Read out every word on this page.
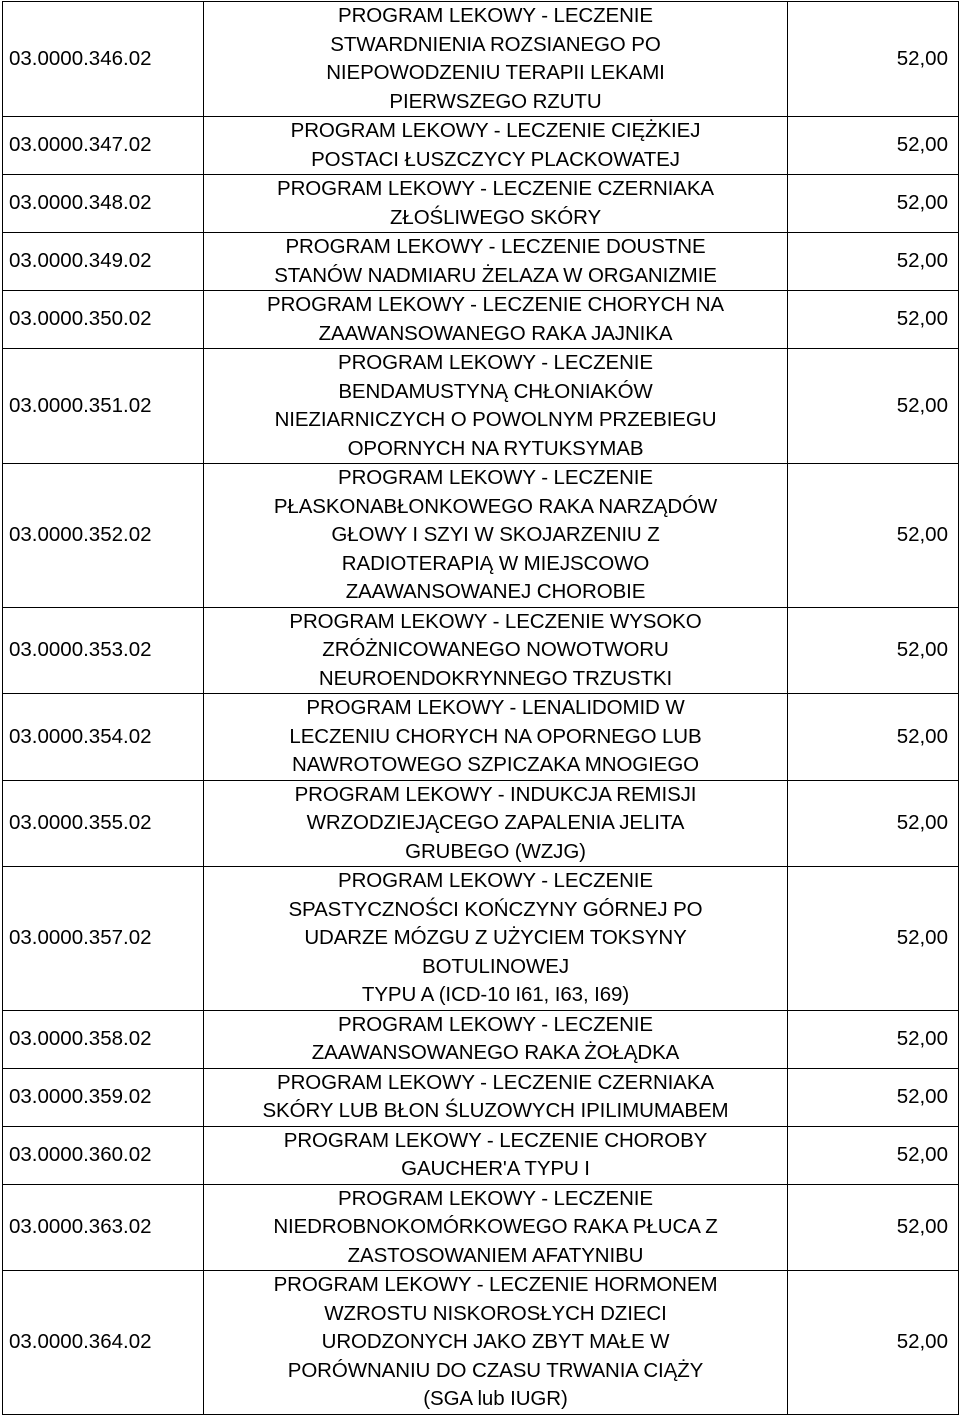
03.0000.346.02	PROGRAM LEKOWY - LECZENIE
STWARDNIENIA ROZSIANEGO PO
NIEPOWODZENIU TERAPII LEKAMI
PIERWSZEGO RZUTU	52,00
03.0000.347.02	PROGRAM LEKOWY - LECZENIE CIĘŻKIEJ
POSTACI ŁUSZCZYCY PLACKOWATEJ	52,00
03.0000.348.02	PROGRAM LEKOWY - LECZENIE CZERNIAKA
ZŁOŚLIWEGO SKÓRY	52,00
03.0000.349.02	PROGRAM LEKOWY - LECZENIE DOUSTNE
STANÓW NADMIARU ŻELAZA W ORGANIZMIE	52,00
03.0000.350.02	PROGRAM LEKOWY - LECZENIE CHORYCH NA
ZAAWANSOWANEGO RAKA JAJNIKA	52,00
03.0000.351.02	PROGRAM LEKOWY - LECZENIE
BENDAMUSTYNĄ CHŁONIAKÓW
NIEZIARNICZYCH O POWOLNYM PRZEBIEGU
OPORNYCH NA RYTUKSYMAB	52,00
03.0000.352.02	PROGRAM LEKOWY - LECZENIE
PŁASKONABŁONKOWEGO RAKA NARZĄDÓW
GŁOWY I SZYI W SKOJARZENIU Z
RADIOTERAPIĄ W MIEJSCOWO
ZAAWANSOWANEJ CHOROBIE	52,00
03.0000.353.02	PROGRAM LEKOWY - LECZENIE WYSOKO
ZRÓŻNICOWANEGO NOWOTWORU
NEUROENDOKRYNNEGO TRZUSTKI	52,00
03.0000.354.02	PROGRAM LEKOWY - LENALIDOMID W
LECZENIU CHORYCH NA OPORNEGO LUB
NAWROTOWEGO SZPICZAKA MNOGIEGO	52,00
03.0000.355.02	PROGRAM LEKOWY - INDUKCJA REMISJI
WRZODZIEJĄCEGO ZAPALENIA JELITA
GRUBEGO (WZJG)	52,00
03.0000.357.02	PROGRAM LEKOWY - LECZENIE
SPASTYCZNOŚCI KOŃCZYNY GÓRNEJ PO
UDARZE MÓZGU Z UŻYCIEM TOKSYNY
BOTULINOWEJ
TYPU A (ICD-10 I61, I63, I69)	52,00
03.0000.358.02	PROGRAM LEKOWY - LECZENIE
ZAAWANSOWANEGO RAKA ŻOŁĄDKA	52,00
03.0000.359.02	PROGRAM LEKOWY - LECZENIE CZERNIAKA
SKÓRY LUB BŁON ŚLUZOWYCH IPILIMUMABEM	52,00
03.0000.360.02	PROGRAM LEKOWY - LECZENIE CHOROBY
GAUCHER'A TYPU I	52,00
03.0000.363.02	PROGRAM LEKOWY - LECZENIE
NIEDROBNOKOMÓRKOWEGO RAKA PŁUCA Z
ZASTOSOWANIEM AFATYNIBU	52,00
03.0000.364.02	PROGRAM LEKOWY - LECZENIE HORMONEM
WZROSTU NISKOROSŁYCH DZIECI
URODZONYCH JAKO ZBYT MAŁE W
PORÓWNANIU DO CZASU TRWANIA CIĄŻY
(SGA lub IUGR)	52,00
